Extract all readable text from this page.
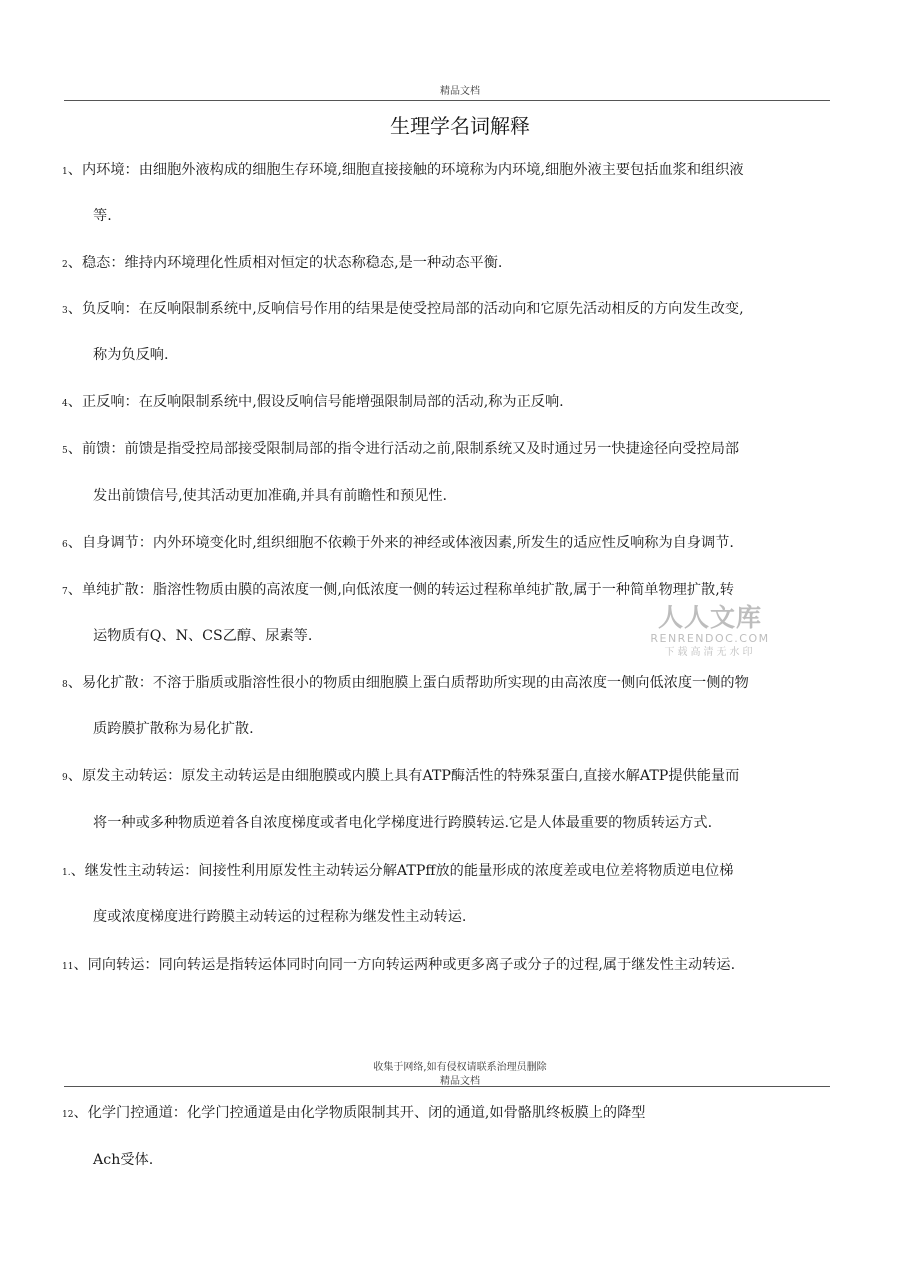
精品文档
生理学名词解释
1、内环境：由细胞外液构成的细胞生存环境,细胞直接接触的环境称为内环境,细胞外液主要包括血浆和组织液
等.
2、稳态：维持内环境理化性质相对恒定的状态称稳态,是一种动态平衡.
3、负反响：在反响限制系统中,反响信号作用的结果是使受控局部的活动向和它原先活动相反的方向发生改变,
称为负反响.
4、正反响：在反响限制系统中,假设反响信号能增强限制局部的活动,称为正反响.
5、前馈：前馈是指受控局部接受限制局部的指令进行活动之前,限制系统又及时通过另一快捷途径向受控局部
发出前馈信号,使其活动更加准确,并具有前瞻性和预见性.
6、自身调节：内外环境变化时,组织细胞不依赖于外来的神经或体液因素,所发生的适应性反响称为自身调节.
7、单纯扩散：脂溶性物质由膜的高浓度一侧,向低浓度一侧的转运过程称单纯扩散,属于一种简单物理扩散,转
运物质有Q、N、CS乙醇、尿素等.
8、易化扩散：不溶于脂质或脂溶性很小的物质由细胞膜上蛋白质帮助所实现的由高浓度一侧向低浓度一侧的物
质跨膜扩散称为易化扩散.
9、原发主动转运：原发主动转运是由细胞膜或内膜上具有ATP酶活性的特殊泵蛋白,直接水解ATP提供能量而
将一种或多种物质逆着各自浓度梯度或者电化学梯度进行跨膜转运.它是人体最重要的物质转运方式.
1.、继发性主动转运：间接性利用原发性主动转运分解ATPff放的能量形成的浓度差或电位差将物质逆电位梯
度或浓度梯度进行跨膜主动转运的过程称为继发性主动转运.
11、同向转运：同向转运是指转运体同时向同一方向转运两种或更多离子或分子的过程,属于继发性主动转运.
12、化学门控通道：化学门控通道是由化学物质限制其开、闭的通道,如骨骼肌终板膜上的降型
Ach受体.
人人文库
RENRENDOC.COM
下载高清无水印
收集于网络,如有侵权请联系治理员删除
精品文档
